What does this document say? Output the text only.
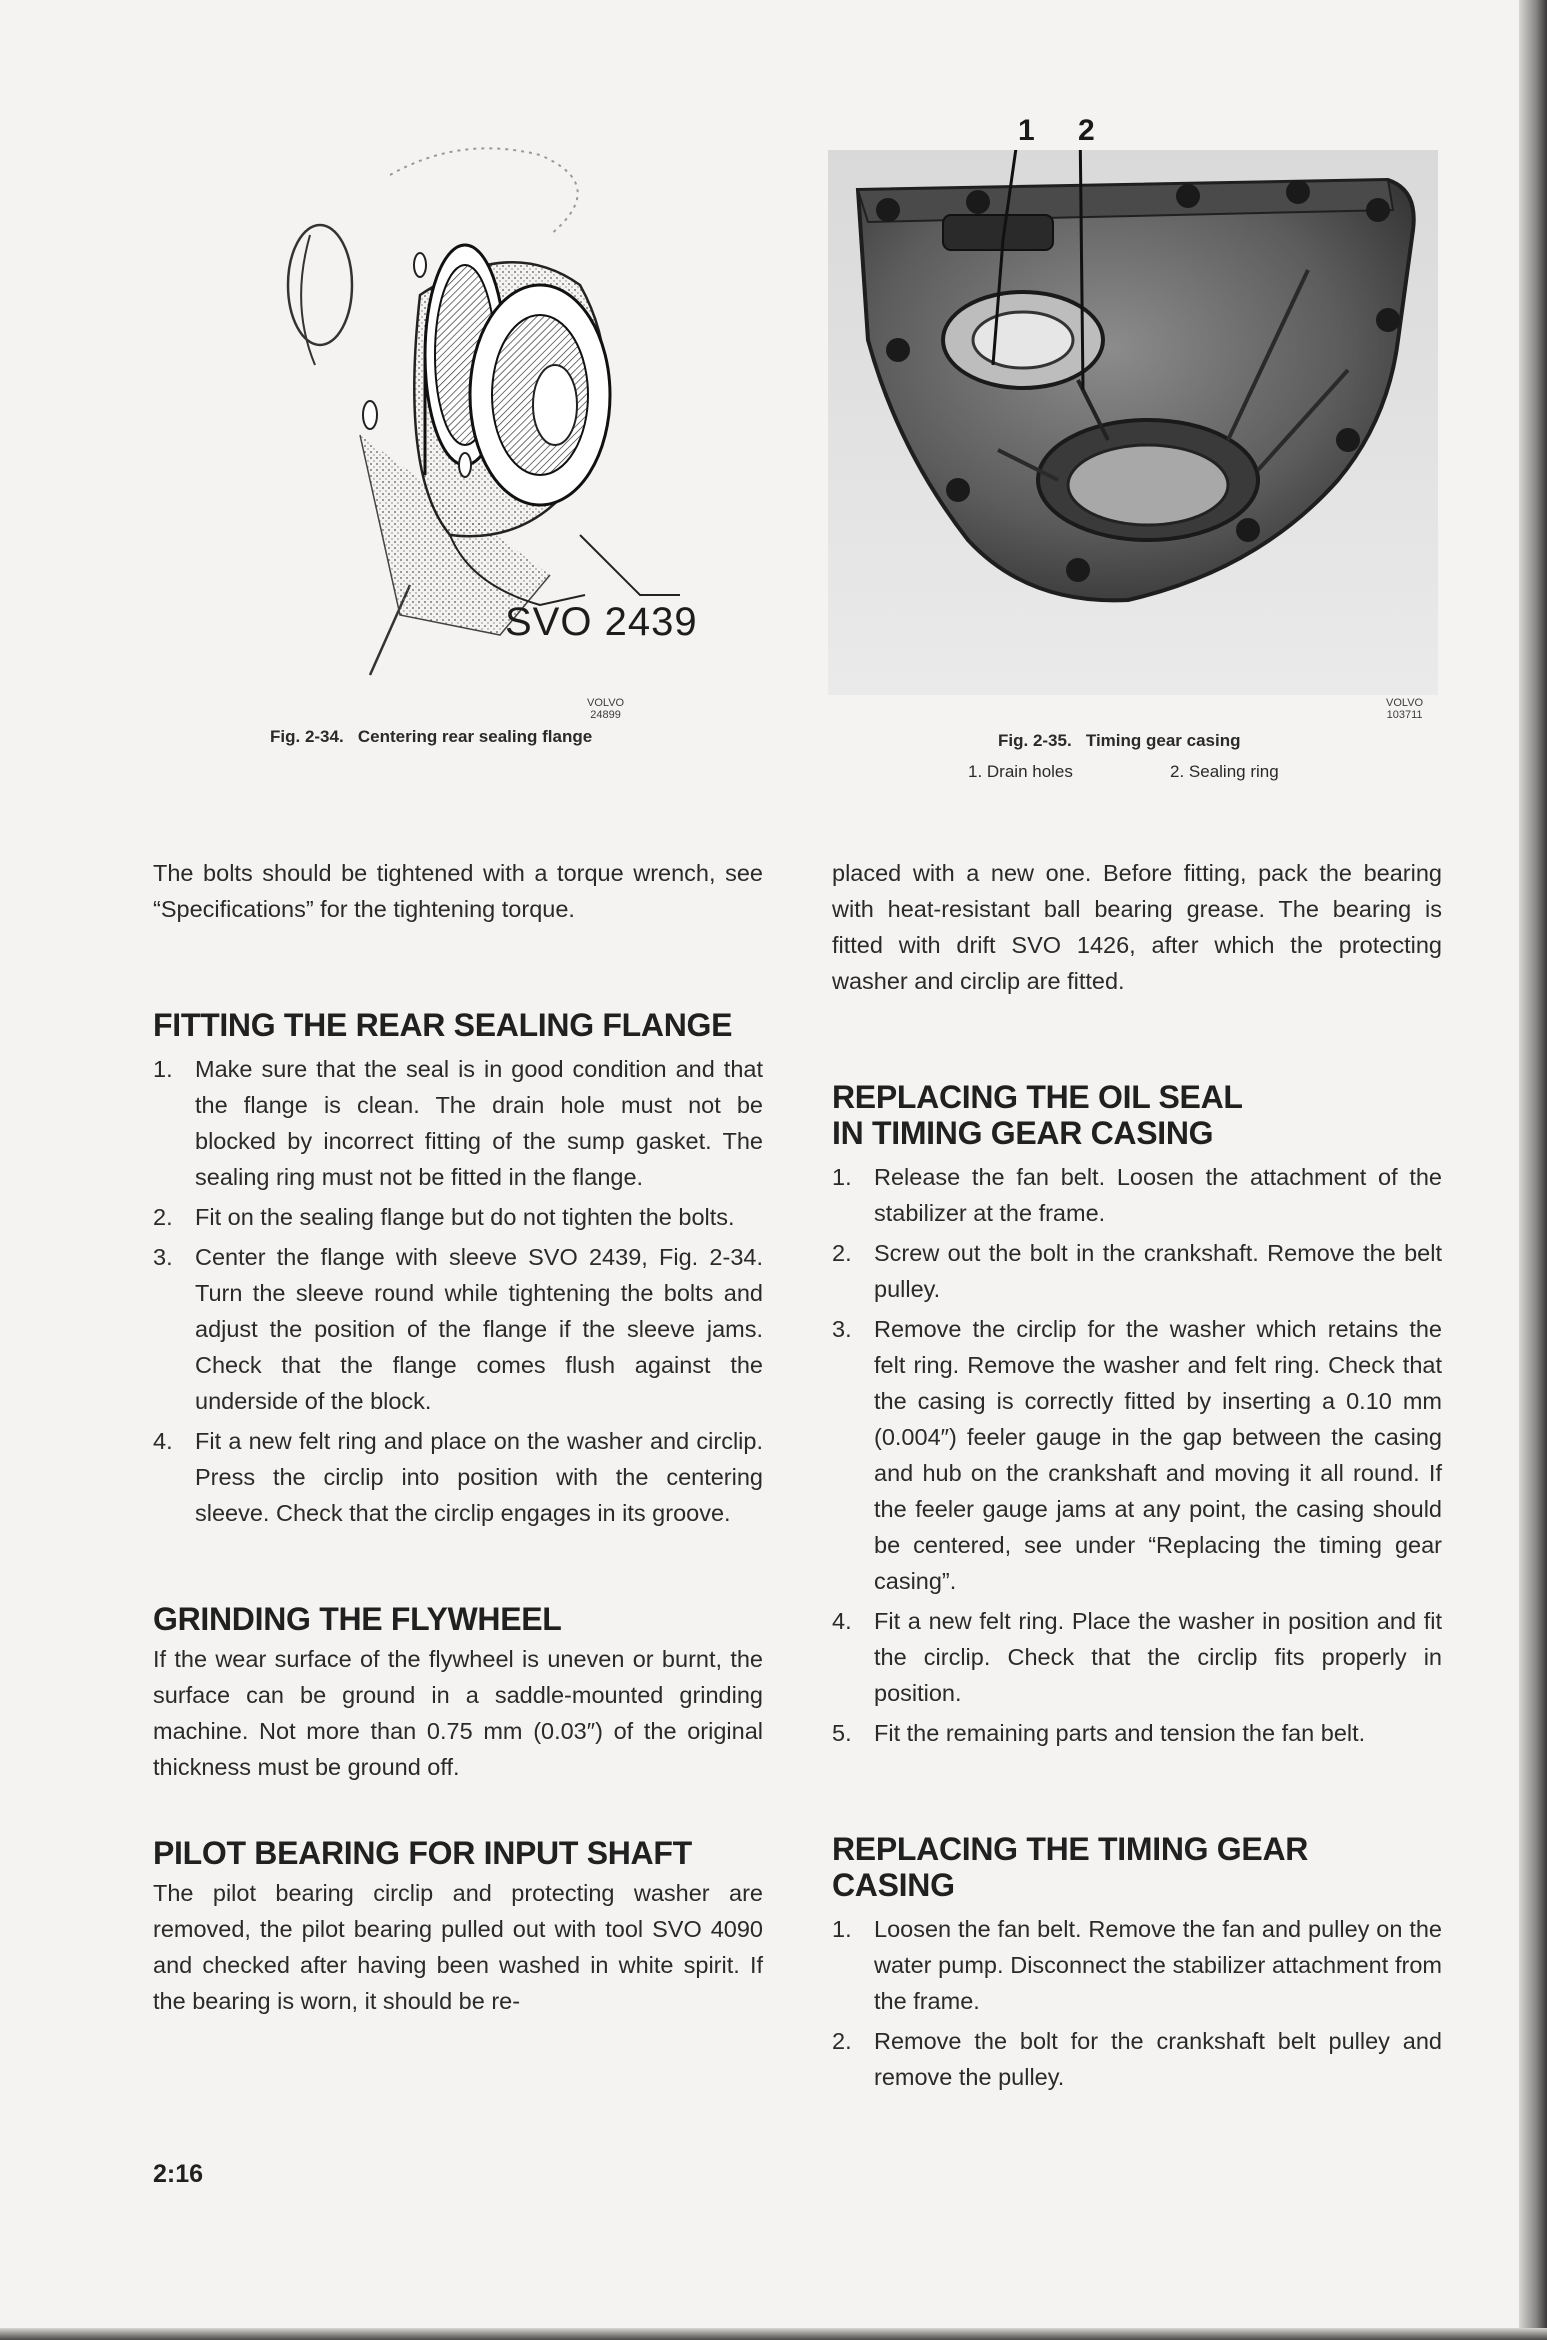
SVO 2439
VOLVO
24899
Fig. 2-34. Centering rear sealing flange
1 2
VOLVO
103711
Fig. 2-35. Timing gear casing
1. Drain holes	2. Sealing ring

The bolts should be tightened with a torque wrench, see “Specifications” for the tightening torque.

FITTING THE REAR SEALING FLANGE
1. Make sure that the seal is in good condition and that the flange is clean. The drain hole must not be blocked by incorrect fitting of the sump gasket. The sealing ring must not be fitted in the flange.
2. Fit on the sealing flange but do not tighten the bolts.
3. Center the flange with sleeve SVO 2439, Fig. 2-34. Turn the sleeve round while tightening the bolts and adjust the position of the flange if the sleeve jams. Check that the flange comes flush against the underside of the block.
4. Fit a new felt ring and place on the washer and circlip. Press the circlip into position with the centering sleeve. Check that the circlip engages in its groove.
GRINDING THE FLYWHEEL

If the wear surface of the flywheel is uneven or burnt, the surface can be ground in a saddle-mounted grinding machine. Not more than 0.75 mm (0.03″) of the original thickness must be ground off.

PILOT BEARING FOR INPUT SHAFT

The pilot bearing circlip and protecting washer are removed, the pilot bearing pulled out with tool SVO 4090 and checked after having been washed in white spirit. If the bearing is worn, it should be re-

placed with a new one. Before fitting, pack the bearing with heat-resistant ball bearing grease. The bearing is fitted with drift SVO 1426, after which the protecting washer and circlip are fitted.

REPLACING THE OIL SEAL
IN TIMING GEAR CASING
1. Release the fan belt. Loosen the attachment of the stabilizer at the frame.
2. Screw out the bolt in the crankshaft. Remove the belt pulley.
3. Remove the circlip for the washer which retains the felt ring. Remove the washer and felt ring. Check that the casing is correctly fitted by inserting a 0.10 mm (0.004″) feeler gauge in the gap between the casing and hub on the crankshaft and moving it all round. If the feeler gauge jams at any point, the casing should be centered, see under “Replacing the timing gear casing”.
4. Fit a new felt ring. Place the washer in position and fit the circlip. Check that the circlip fits properly in position.
5. Fit the remaining parts and tension the fan belt.
REPLACING THE TIMING GEAR
CASING
1. Loosen the fan belt. Remove the fan and pulley on the water pump. Disconnect the stabilizer attachment from the frame.
2. Remove the bolt for the crankshaft belt pulley and remove the pulley.
2:16
